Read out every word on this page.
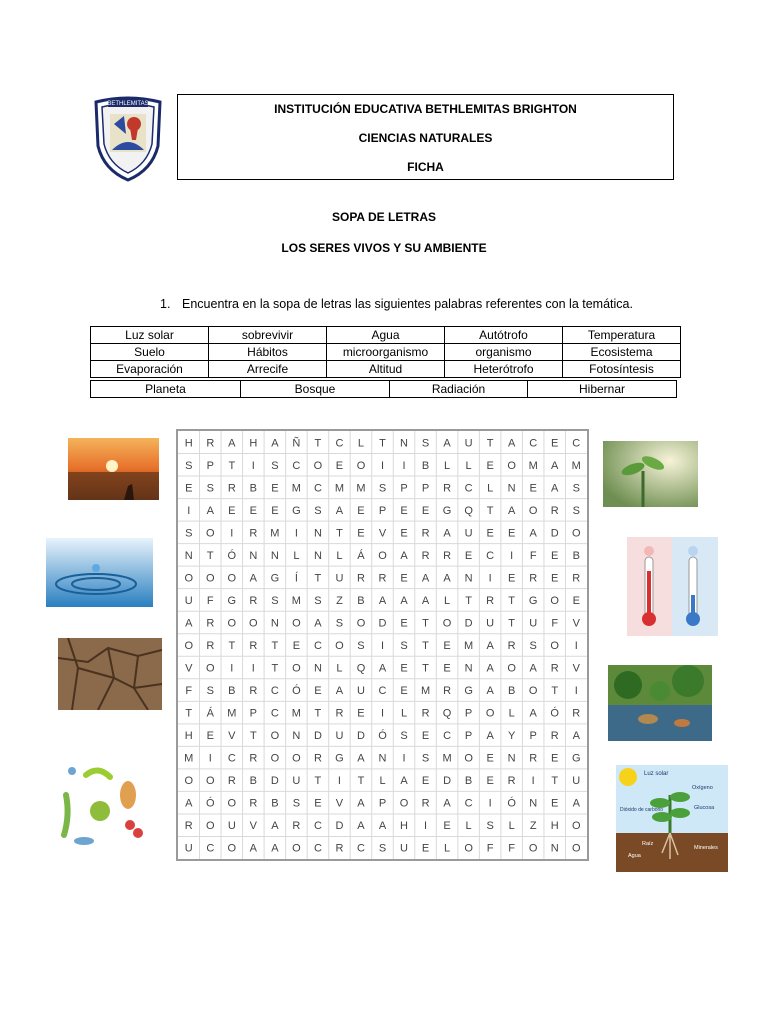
BETHLEMITAS	INSTITUCIÓN EDUCATIVA BETHLEMITAS BRIGHTON
CIENCIAS NATURALES
FICHA
SOPA DE LETRAS
LOS SERES VIVOS Y SU AMBIENTE
1. Encuentra en la sopa de letras las siguientes palabras referentes con la temática.
Luz solar	sobrevivir	Agua	Autótrofo	Temperatura
Suelo	Hábitos	microorganismo	organismo	Ecosistema
Evaporación	Arrecife	Altitud	Heterótrofo	Fotosíntesis
Planeta	Bosque	Radiación	Hibernar
H R A H A Ñ T C L T N S A U T A C E C
S P T I S C O E O I I B L L E O M A M
E S R B E M C M M S P P R C L N E A S
I A E E E G S A E P E E G Q T A O R S
S O I R M I N T E V E R A U E E A D O
N T Ó N N L N L Á O A R R E C I F E B
O O O A G Í T U R R E A A N I E R E R
U F G R S M S Z B A A A L T R T G O E
A R O O N O A S O D E T O D U T U F V
O R T R T E C O S I S T E M A R S O I
V O I I T O N L Q A E T E N A O A R V
F S B R C Ó E A U C E M R G A B O T I
T Á M P C M T R E I L R Q P O L A Ó R
H E V T O N D U D Ó S E C P A Y P R A
M I C R O O R G A N I S M O E N R E G
O O R B D U T I T L A E D B E R I T U
A Ó O R B S E V A P O R A C I Ó N E A
R O U V A R C D A A H I E L S L Z H O
U C O A A O C R C S U E L O F F O N O
Luz solar
Oxígeno
Glucosa
Dióxido de carbono
Agua
Raíz
Minerales
